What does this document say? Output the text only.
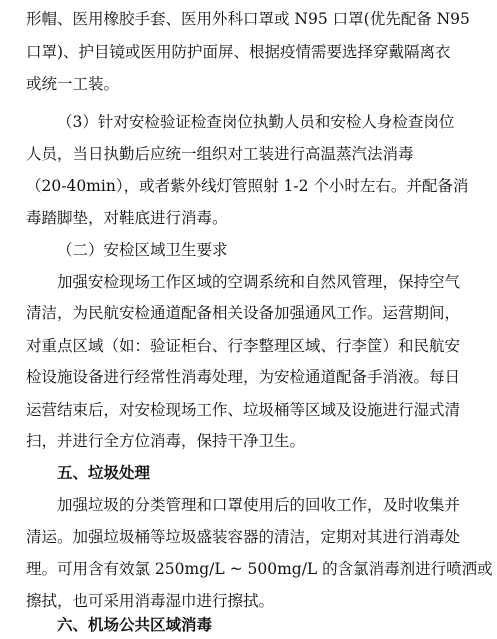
形帽、医用橡胶手套、医用外科口罩或 N95 口罩(优先配备 N95
口罩)、护目镜或医用防护面屏、根据疫情需要选择穿戴隔离衣
或统一工装。
（3）针对安检验证检查岗位执勤人员和安检人身检查岗位
人员，当日执勤后应统一组织对工装进行高温蒸汽法消毒
（20-40min），或者紫外线灯管照射 1-2 个小时左右。并配备消
毒踏脚垫，对鞋底进行消毒。
（二）安检区域卫生要求
加强安检现场工作区域的空调系统和自然风管理，保持空气
清洁，为民航安检通道配备相关设备加强通风工作。运营期间，
对重点区域（如：验证柜台、行李整理区域、行李筐）和民航安
检设施设备进行经常性消毒处理，为安检通道配备手消液。每日
运营结束后，对安检现场工作、垃圾桶等区域及设施进行湿式清
扫，并进行全方位消毒，保持干净卫生。
五、垃圾处理
加强垃圾的分类管理和口罩使用后的回收工作，及时收集并
清运。加强垃圾桶等垃圾盛装容器的清洁，定期对其进行消毒处
理。可用含有效氯 250mg/L ~ 500mg/L 的含氯消毒剂进行喷洒或
擦拭，也可采用消毒湿巾进行擦拭。
六、机场公共区域消毒
